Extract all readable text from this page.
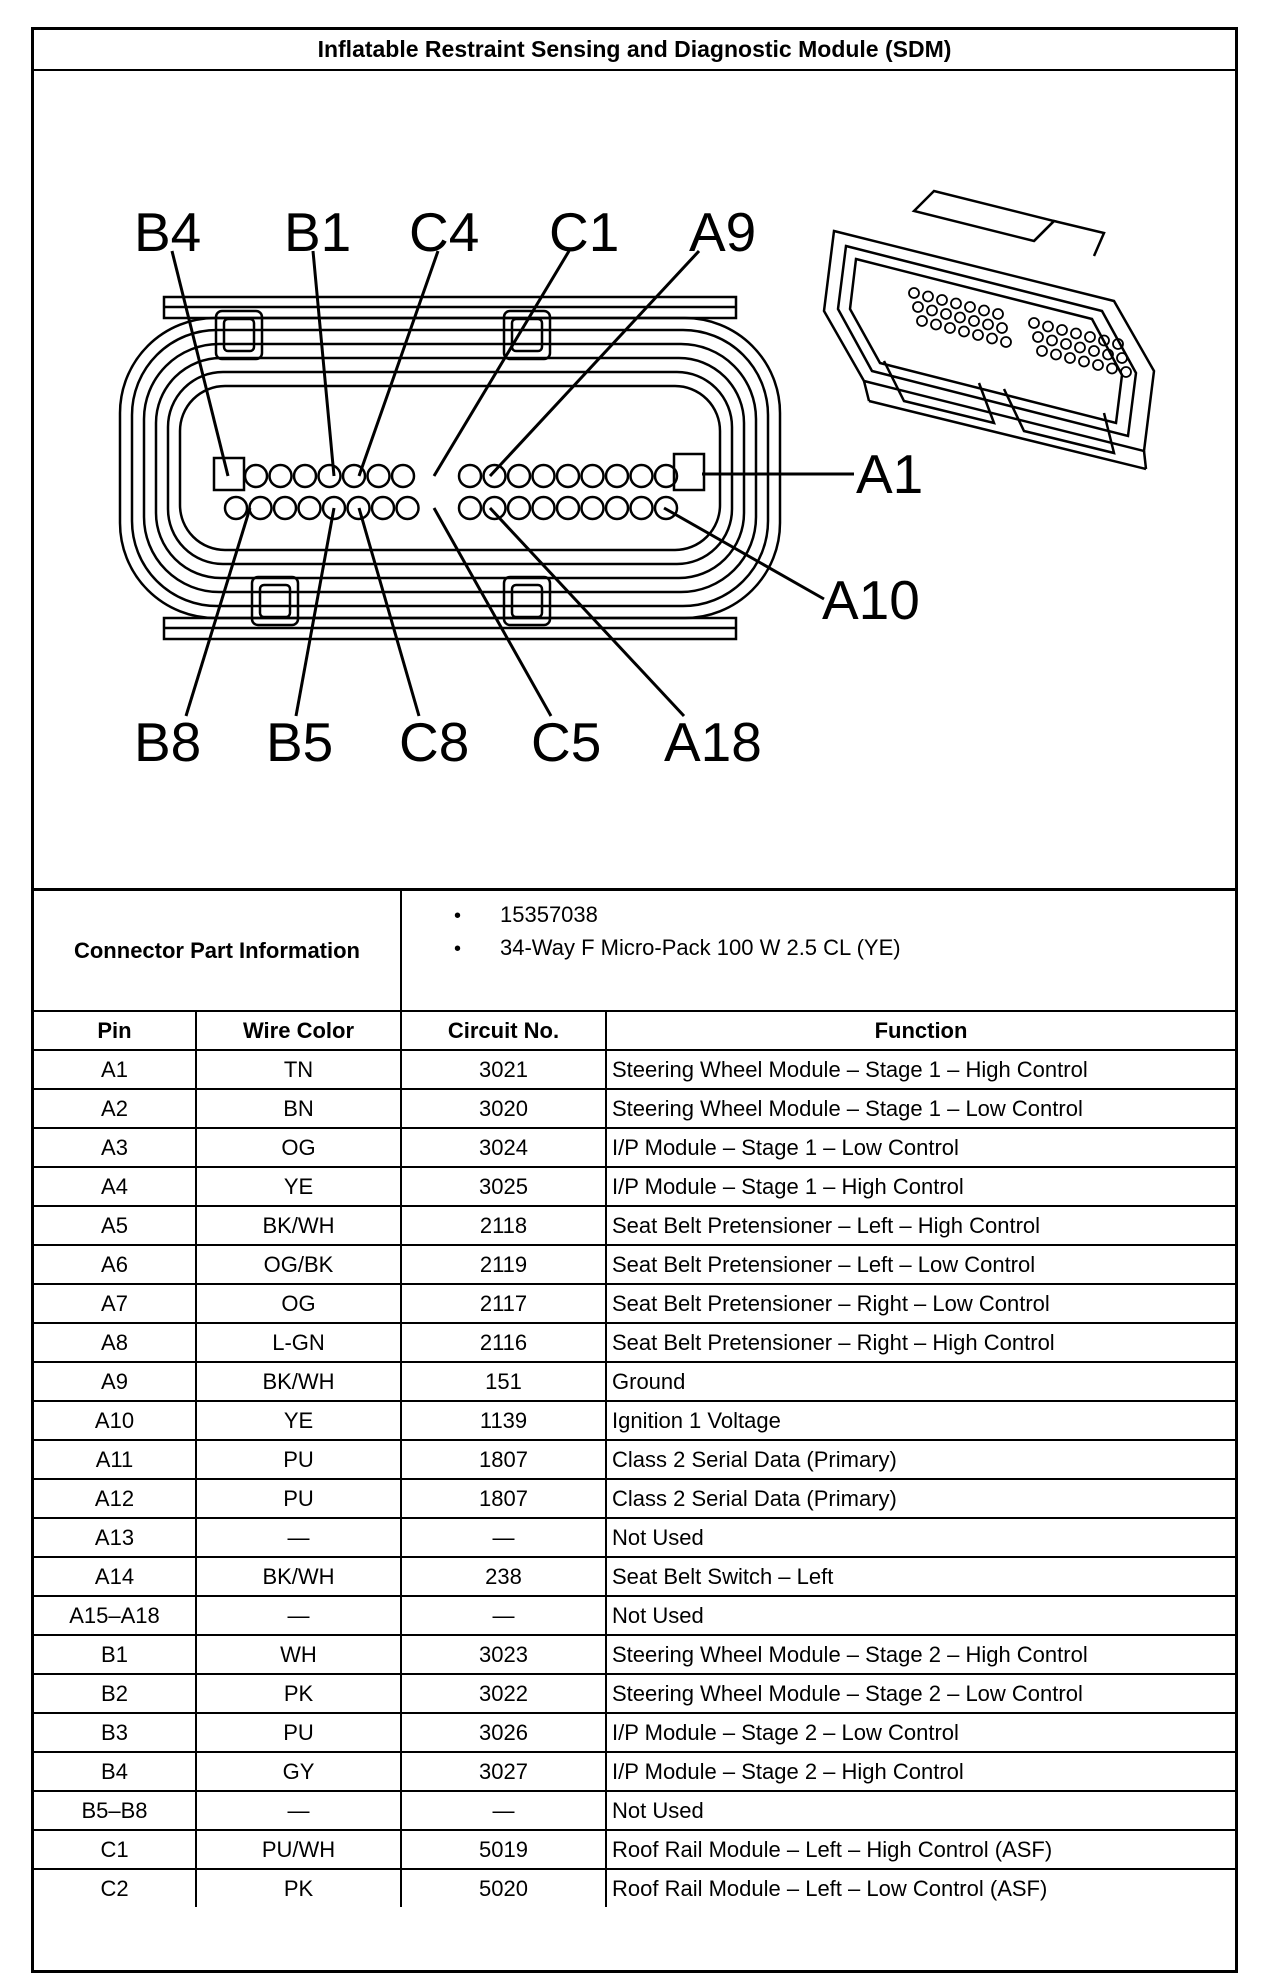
Inflatable Restraint Sensing and Diagnostic Module (SDM)
B4 B1 C4 C1 A9
A1
A10
B8 B5 C8 C5 A18
Connector Part Information	
• 15357038
• 34-Way F Micro-Pack 100 W 2.5 CL (YE)
Pin	Wire Color	Circuit No.	Function
A1	TN	3021	Steering Wheel Module – Stage 1 – High Control
A2	BN	3020	Steering Wheel Module – Stage 1 – Low Control
A3	OG	3024	I/P Module – Stage 1 – Low Control
A4	YE	3025	I/P Module – Stage 1 – High Control
A5	BK/WH	2118	Seat Belt Pretensioner – Left – High Control
A6	OG/BK	2119	Seat Belt Pretensioner – Left – Low Control
A7	OG	2117	Seat Belt Pretensioner – Right – Low Control
A8	L-GN	2116	Seat Belt Pretensioner – Right – High Control
A9	BK/WH	151	Ground
A10	YE	1139	Ignition 1 Voltage
A11	PU	1807	Class 2 Serial Data (Primary)
A12	PU	1807	Class 2 Serial Data (Primary)
A13	—	—	Not Used
A14	BK/WH	238	Seat Belt Switch – Left
A15–A18	—	—	Not Used
B1	WH	3023	Steering Wheel Module – Stage 2 – High Control
B2	PK	3022	Steering Wheel Module – Stage 2 – Low Control
B3	PU	3026	I/P Module – Stage 2 – Low Control
B4	GY	3027	I/P Module – Stage 2 – High Control
B5–B8	—	—	Not Used
C1	PU/WH	5019	Roof Rail Module – Left – High Control (ASF)
C2	PK	5020	Roof Rail Module – Left – Low Control (ASF)
